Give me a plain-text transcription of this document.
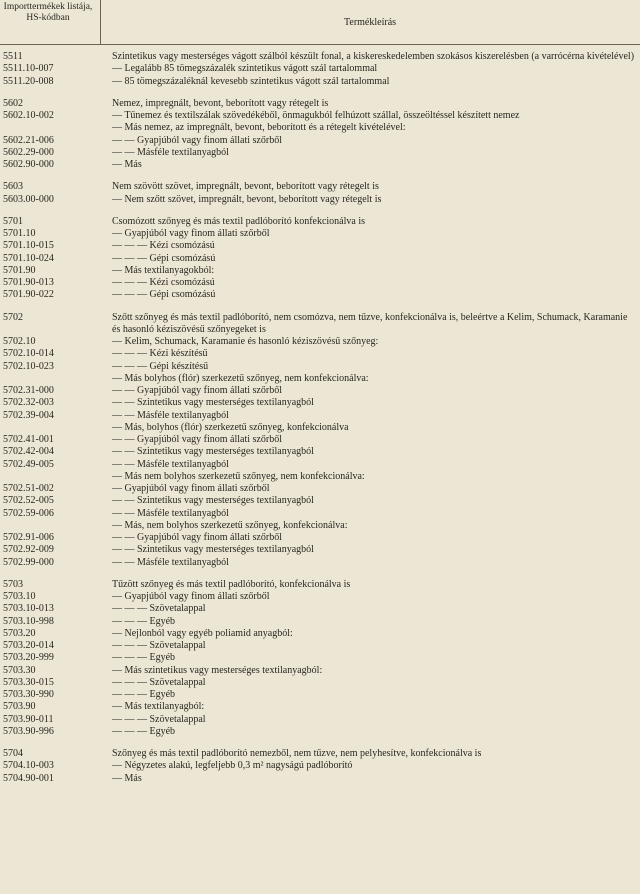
Importtermékek listája, HS-kódban	Termékleírás
5511	Szintetikus vagy mesterséges vágott szálból készült fonal, a kiskereskedelemben szokásos kiszerelésben (a varrócérna kivételével)
5511.10-007	— Legalább 85 tömegszázalék szintetikus vágott szál tartalommal
5511.20-008	— 85 tömegszázaléknál kevesebb szintetikus vágott szál tartalommal
5602	Nemez, impregnált, bevont, beborított vagy rétegelt is
5602.10-002	— Tűnemez és textilszálak szövedékéből, önmagukból felhúzott szállal, összeöltéssel készített nemez
— Más nemez, az impregnált, bevont, beborított és a rétegelt kivételével:
5602.21-006	— — Gyapjúból vagy finom állati szőrből
5602.29-000	— — Másféle textilanyagból
5602.90-000	— Más
5603	Nem szövött szövet, impregnált, bevont, beborított vagy rétegelt is
5603.00-000	— Nem szőtt szövet, impregnált, bevont, beborított vagy rétegelt is
5701	Csomózott szőnyeg és más textil padlóborító konfekcionálva is
5701.10	— Gyapjúból vagy finom állati szőrből
5701.10-015	— — — Kézi csomózású
5701.10-024	— — — Gépi csomózású
5701.90	— Más textilanyagokból:
5701.90-013	— — — Kézi csomózású
5701.90-022	— — — Gépi csomózású
5702	Szőtt szőnyeg és más textil padlóborító, nem csomózva, nem tűzve, konfekcionálva is, beleértve a Kelim, Schumack, Karamanie és hasonló kéziszövésű szőnyegeket is
5702.10	— Kelim, Schumack, Karamanie és hasonló kéziszövésű szőnyeg:
5702.10-014	— — — Kézi készítésű
5702.10-023	— — — Gépi készítésű
— Más bolyhos (flór) szerkezetű szőnyeg, nem konfekcionálva:
5702.31-000	— — Gyapjúból vagy finom állati szőrből
5702.32-003	— — Szintetikus vagy mesterséges textilanyagból
5702.39-004	— — Másféle textilanyagból
— Más, bolyhos (flór) szerkezetű szőnyeg, konfekcionálva
5702.41-001	— — Gyapjúból vagy finom állati szőrből
5702.42-004	— — Szintetikus vagy mesterséges textilanyagból
5702.49-005	— — Másféle textilanyagból
— Más nem bolyhos szerkezetű szőnyeg, nem konfekcionálva:
5702.51-002	— Gyapjúból vagy finom állati szőrből
5702.52-005	— — Szintetikus vagy mesterséges textilanyagból
5702.59-006	— — Másféle textilanyagból
— Más, nem bolyhos szerkezetű szőnyeg, konfekcionálva:
5702.91-006	— — Gyapjúból vagy finom állati szőrből
5702.92-009	— — Szintetikus vagy mesterséges textilanyagból
5702.99-000	— — Másféle textilanyagból
5703	Tűzött szőnyeg és más textil padlóborító, konfekcionálva is
5703.10	— Gyapjúból vagy finom állati szőrből
5703.10-013	— — — Szövetalappal
5703.10-998	— — — Egyéb
5703.20	— Nejlonból vagy egyéb poliamid anyagból:
5703.20-014	— — — Szövetalappal
5703.20-999	— — — Egyéb
5703.30	— Más szintetikus vagy mesterséges textilanyagból:
5703.30-015	— — — Szövetalappal
5703.30-990	— — — Egyéb
5703.90	— Más textilanyagból:
5703.90-011	— — — Szövetalappal
5703.90-996	— — — Egyéb
5704	Szőnyeg és más textil padlóborító nemezből, nem tűzve, nem pelyhesítve, konfekcionálva is
5704.10-003	— Négyzetes alakú, legfeljebb 0,3 m² nagyságú padlóborító
5704.90-001	— Más
